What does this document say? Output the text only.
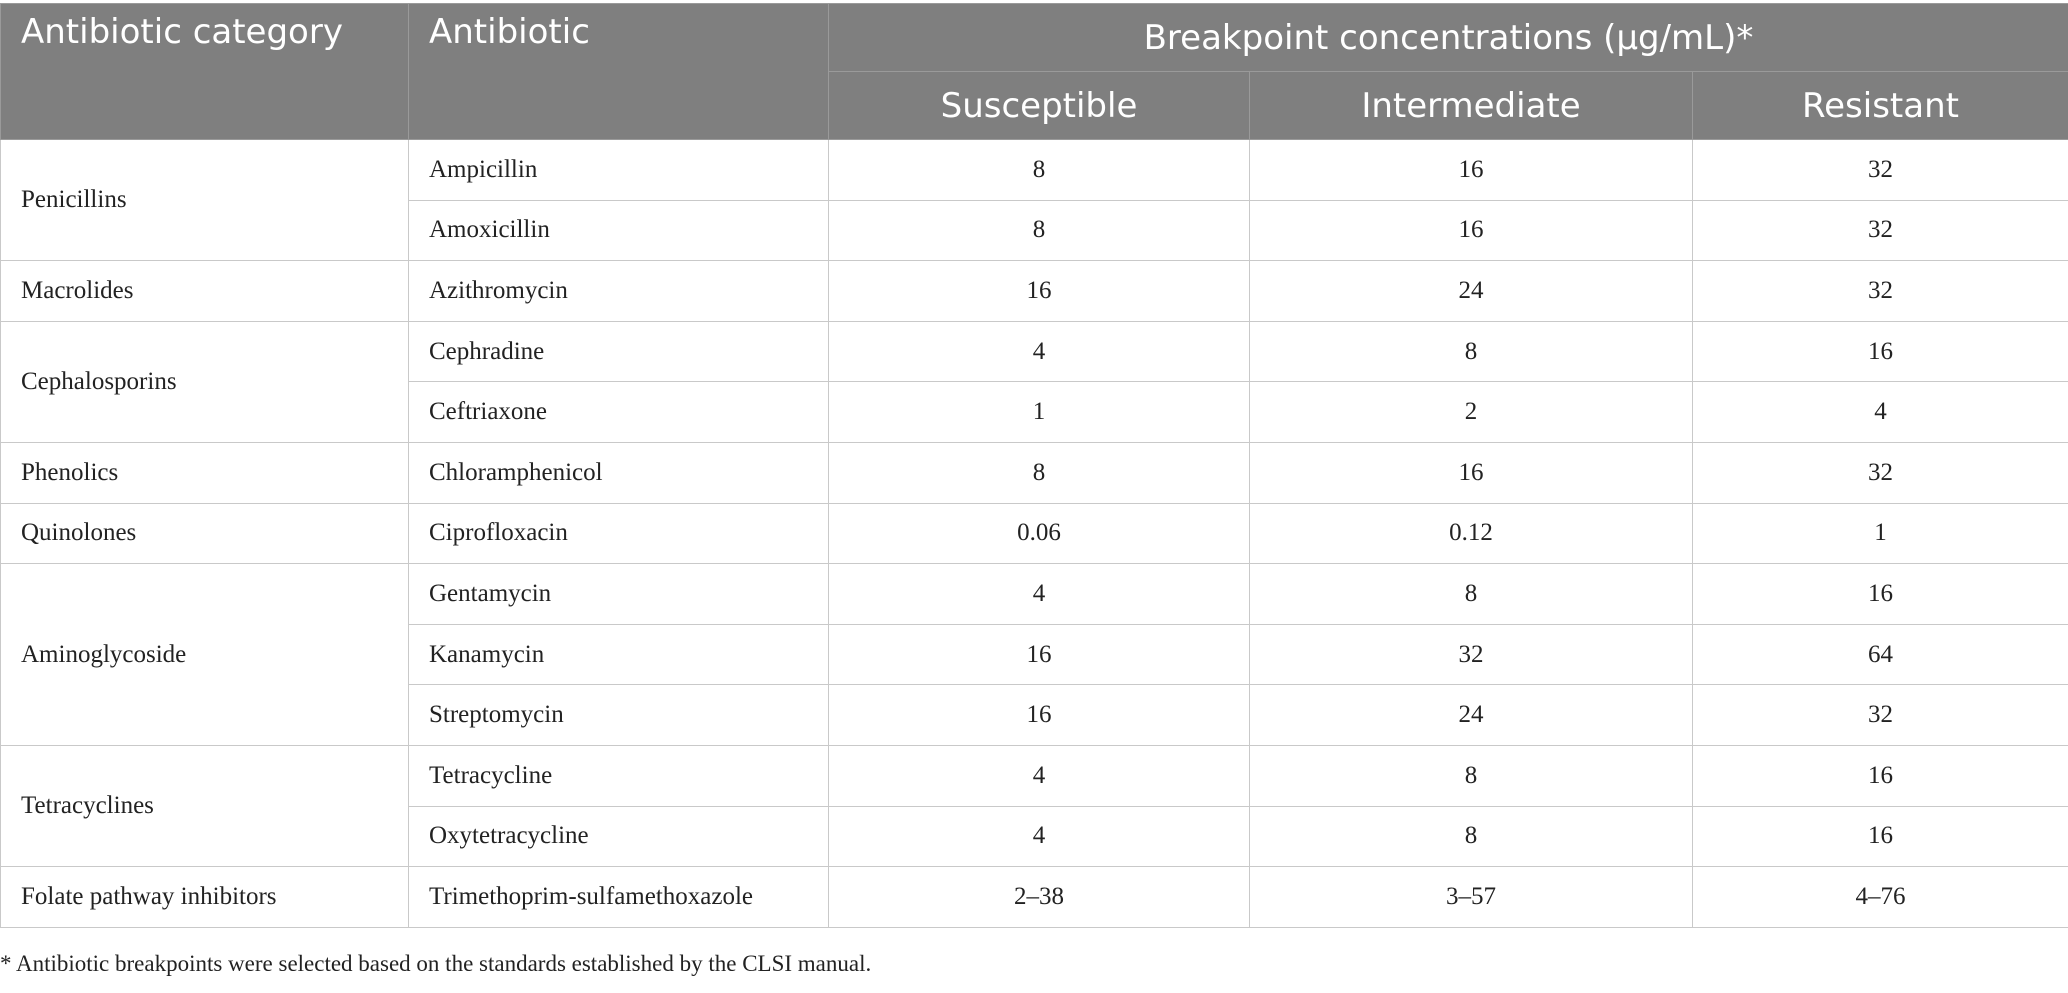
Antibiotic category	Antibiotic	Breakpoint concentrations (µg/mL)*		
		Susceptible	Intermediate	Resistant
Penicillins	Ampicillin	8	16	32
	Amoxicillin	8	16	32
Macrolides	Azithromycin	16	24	32
Cephalosporins	Cephradine	4	8	16
	Ceftriaxone	1	2	4
Phenolics	Chloramphenicol	8	16	32
Quinolones	Ciprofloxacin	0.06	0.12	1
Aminoglycoside	Gentamycin	4	8	16
	Kanamycin	16	32	64
	Streptomycin	16	24	32
Tetracyclines	Tetracycline	4	8	16
	Oxytetracycline	4	8	16
Folate pathway inhibitors	Trimethoprim-sulfamethoxazole	2–38	3–57	4–76
* Antibiotic breakpoints were selected based on the standards established by the CLSI manual.
